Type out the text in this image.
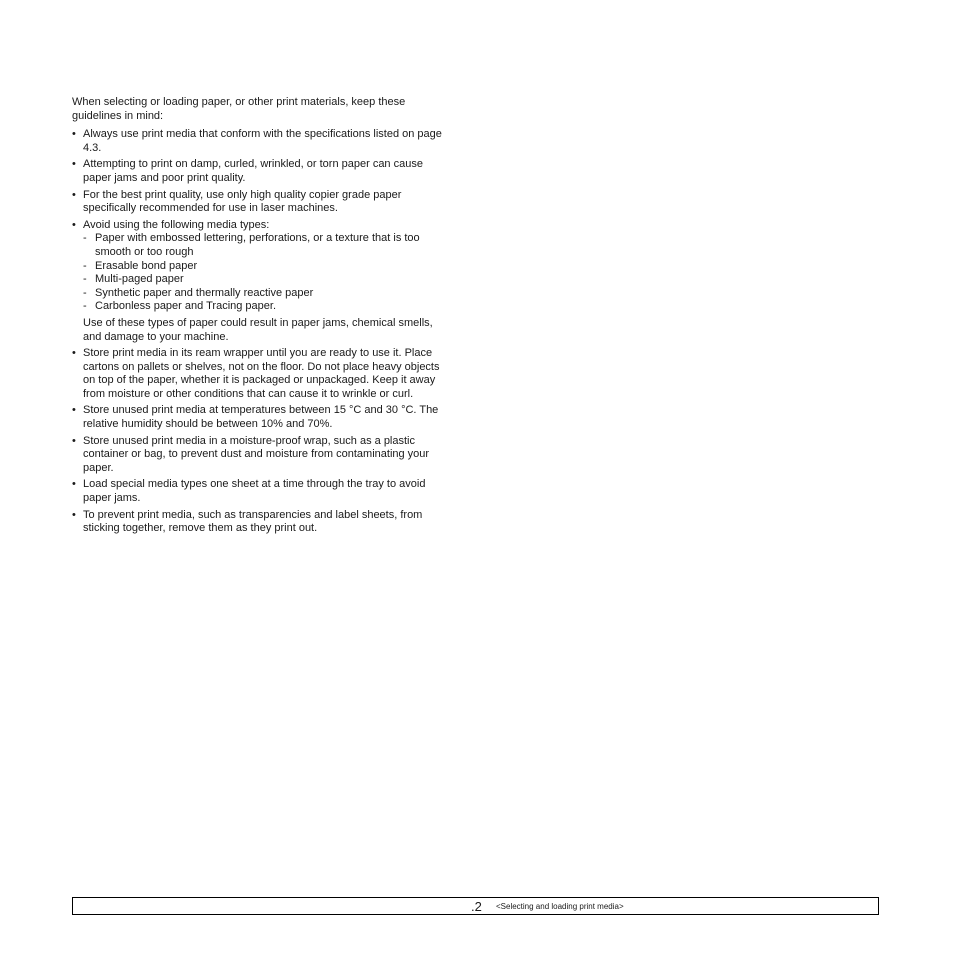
When selecting or loading paper, or other print materials, keep these guidelines in mind:

• Always use print media that conform with the specifications listed on page 4.3.
• Attempting to print on damp, curled, wrinkled, or torn paper can cause paper jams and poor print quality.
• For the best print quality, use only high quality copier grade paper specifically recommended for use in laser machines.
• Avoid using the following media types:
- Paper with embossed lettering, perforations, or a texture that is too smooth or too rough
- Erasable bond paper
- Multi-paged paper
- Synthetic paper and thermally reactive paper
- Carbonless paper and Tracing paper.
Use of these types of paper could result in paper jams, chemical smells, and damage to your machine.
• Store print media in its ream wrapper until you are ready to use it. Place cartons on pallets or shelves, not on the floor. Do not place heavy objects on top of the paper, whether it is packaged or unpackaged. Keep it away from moisture or other conditions that can cause it to wrinkle or curl.
• Store unused print media at temperatures between 15 °C and 30 °C. The relative humidity should be between 10% and 70%.
• Store unused print media in a moisture-proof wrap, such as a plastic container or bag, to prevent dust and moisture from contaminating your paper.
• Load special media types one sheet at a time through the tray to avoid paper jams.
• To prevent print media, such as transparencies and label sheets, from sticking together, remove them as they print out.
.2 <Selecting and loading print media>
